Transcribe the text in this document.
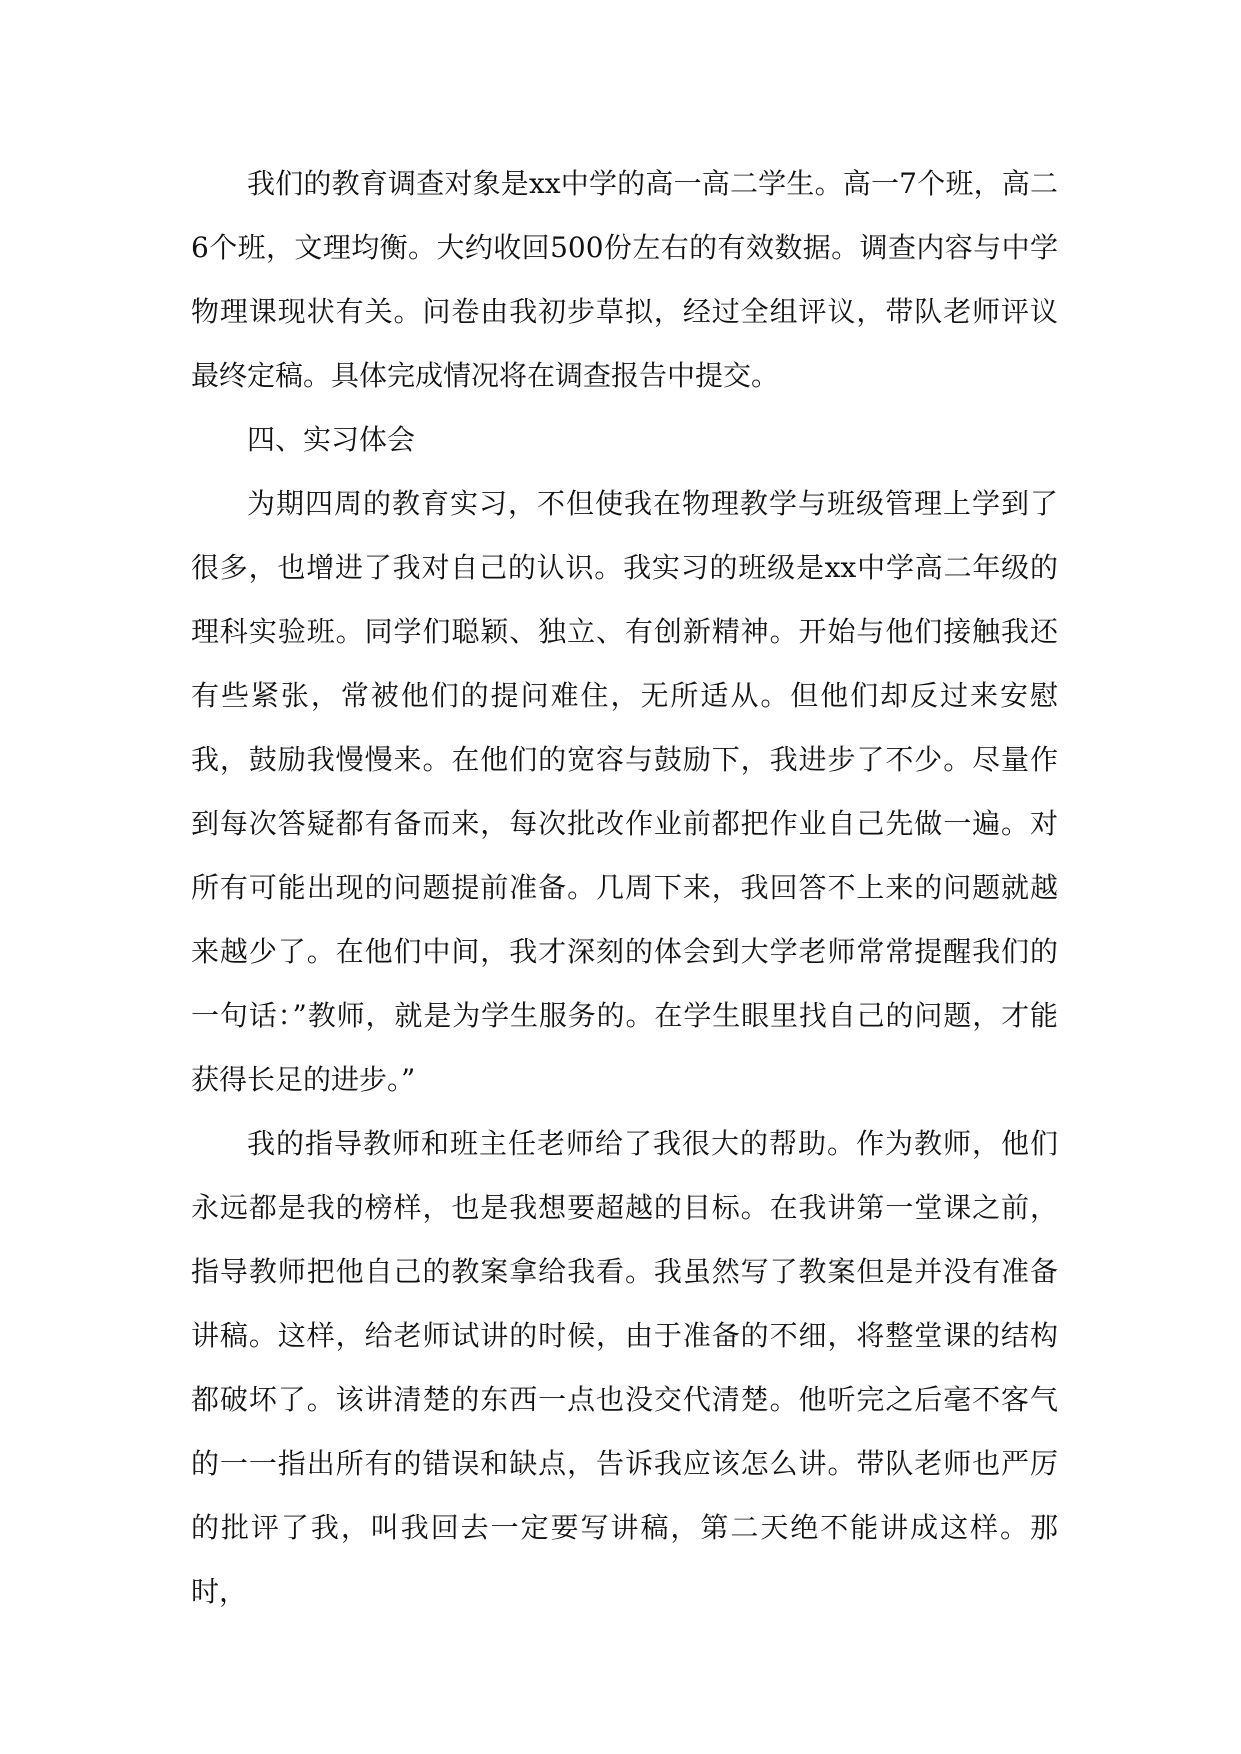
我们的教育调查对象是xx中学的高一高二学生。高一7个班，高二6个班，文理均衡。大约收回500份左右的有效数据。调查内容与中学物理课现状有关。问卷由我初步草拟，经过全组评议，带队老师评议最终定稿。具体完成情况将在调查报告中提交。

四、实习体会

为期四周的教育实习，不但使我在物理教学与班级管理上学到了很多，也增进了我对自己的认识。我实习的班级是xx中学高二年级的理科实验班。同学们聪颖、独立、有创新精神。开始与他们接触我还有些紧张，常被他们的提问难住，无所适从。但他们却反过来安慰我，鼓励我慢慢来。在他们的宽容与鼓励下，我进步了不少。尽量作到每次答疑都有备而来，每次批改作业前都把作业自己先做一遍。对所有可能出现的问题提前准备。几周下来，我回答不上来的问题就越来越少了。在他们中间，我才深刻的体会到大学老师常常提醒我们的一句话：”教师，就是为学生服务的。在学生眼里找自己的问题，才能获得长足的进步。”

我的指导教师和班主任老师给了我很大的帮助。作为教师，他们永远都是我的榜样，也是我想要超越的目标。在我讲第一堂课之前，指导教师把他自己的教案拿给我看。我虽然写了教案但是并没有准备讲稿。这样，给老师试讲的时候，由于准备的不细，将整堂课的结构都破坏了。该讲清楚的东西一点也没交代清楚。他听完之后毫不客气的一一指出所有的错误和缺点，告诉我应该怎么讲。带队老师也严厉的批评了我，叫我回去一定要写讲稿，第二天绝不能讲成这样。那时，
